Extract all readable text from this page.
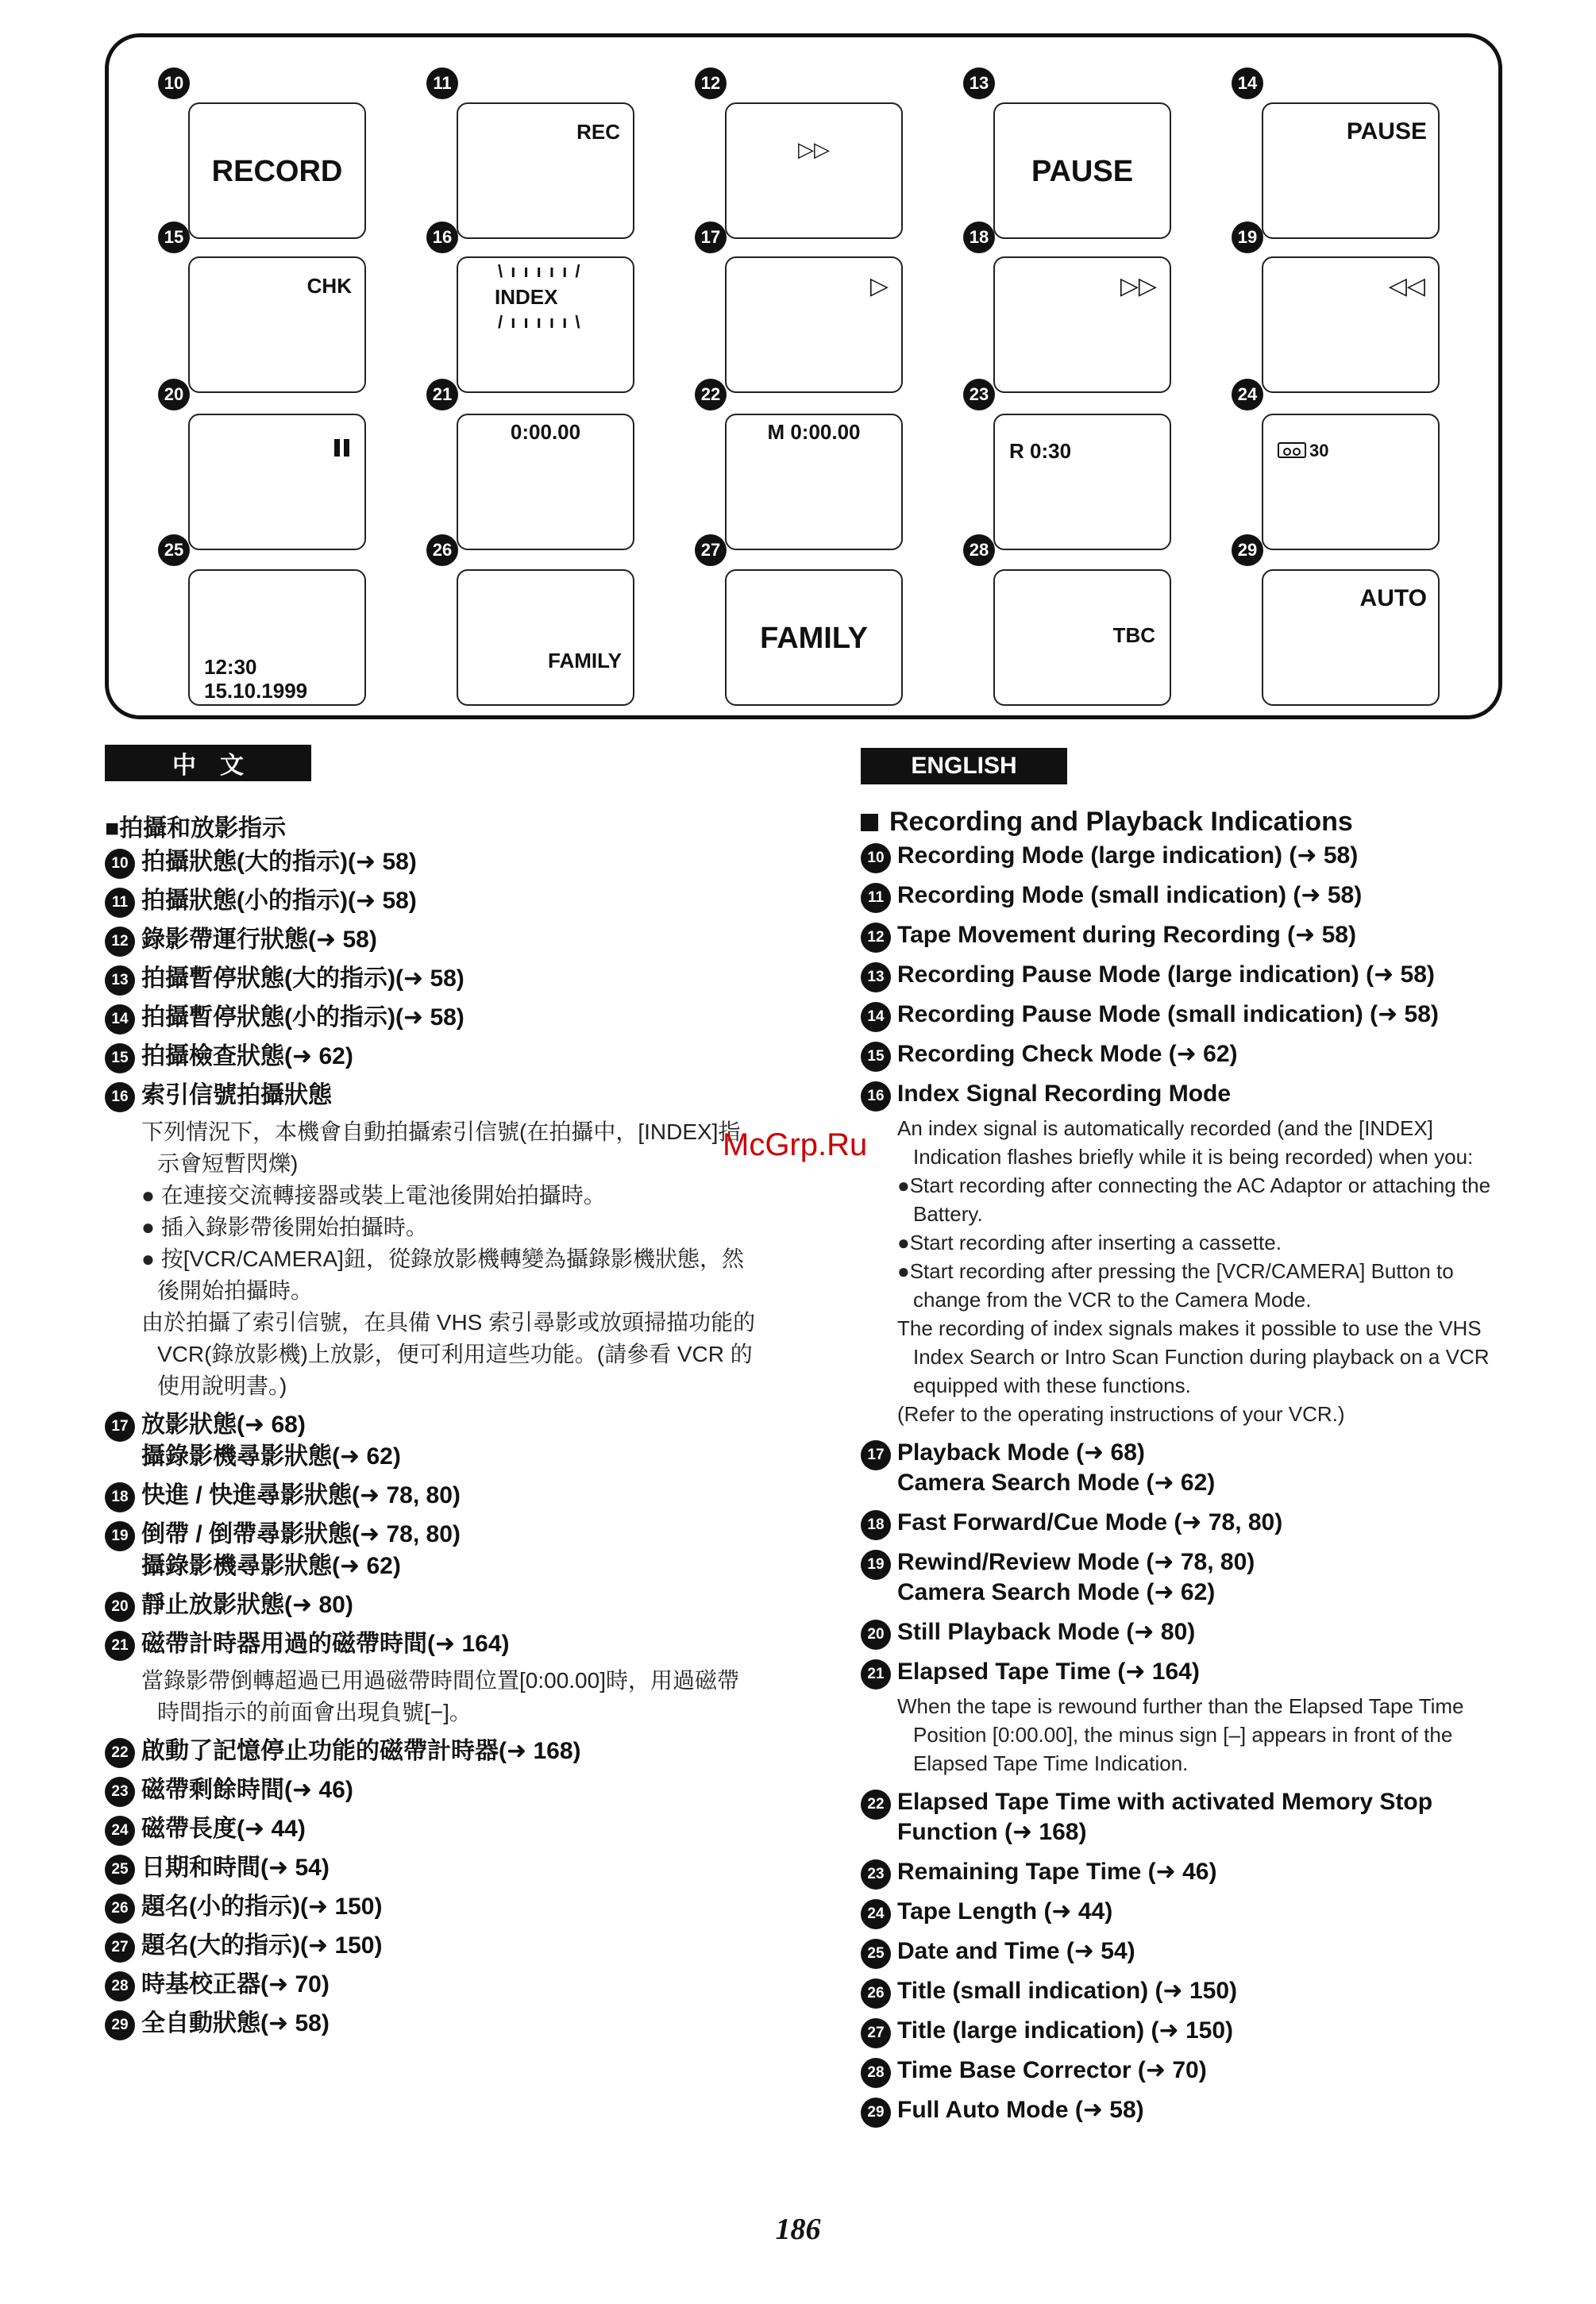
10
RECORD
11
REC
12
▷▷
13
PAUSE
14
PAUSE
15
CHK
16
\ ı ı ı ı ı /
INDEX
/ ı ı ı ı ı \
17
▷
18
▷▷
19
◁◁
20	21
0:00.00
22
M 0:00.00
23
R 0:30
24
30
25
12:30
15.10.1999
26
FAMILY
27
FAMILY
28
TBC
29
AUTO
中　文	ENGLISH
■拍攝和放影指示
10 拍攝狀態(大的指示)(➜ 58)
11 拍攝狀態(小的指示)(➜ 58)
12 錄影帶運行狀態(➜ 58)
13 拍攝暫停狀態(大的指示)(➜ 58)
14 拍攝暫停狀態(小的指示)(➜ 58)
15 拍攝檢查狀態(➜ 62)
16 索引信號拍攝狀態
下列情況下，本機會自動拍攝索引信號(在拍攝中，[INDEX]指示會短暫閃爍)
● 在連接交流轉接器或裝上電池後開始拍攝時。
● 插入錄影帶後開始拍攝時。
● 按[VCR/CAMERA]鈕，從錄放影機轉變為攝錄影機狀態，然後開始拍攝時。
由於拍攝了索引信號，在具備 VHS 索引尋影或放頭掃描功能的 VCR(錄放影機)上放影，便可利用這些功能。(請參看 VCR 的使用說明書。)
17 放影狀態(➜ 68)
攝錄影機尋影狀態(➜ 62)
18 快進 / 快進尋影狀態(➜ 78, 80)
19 倒帶 / 倒帶尋影狀態(➜ 78, 80)
攝錄影機尋影狀態(➜ 62)
20 靜止放影狀態(➜ 80)
21 磁帶計時器用過的磁帶時間(➜ 164)
當錄影帶倒轉超過已用過磁帶時間位置[0:00.00]時，用過磁帶時間指示的前面會出現負號[−]。
22 啟動了記憶停止功能的磁帶計時器(➜ 168)
23 磁帶剩餘時間(➜ 46)
24 磁帶長度(➜ 44)
25 日期和時間(➜ 54)
26 題名(小的指示)(➜ 150)
27 題名(大的指示)(➜ 150)
28 時基校正器(➜ 70)
29 全自動狀態(➜ 58)
Recording and Playback Indications
10 Recording Mode (large indication) (➜ 58)
11 Recording Mode (small indication) (➜ 58)
12 Tape Movement during Recording (➜ 58)
13 Recording Pause Mode (large indication) (➜ 58)
14 Recording Pause Mode (small indication) (➜ 58)
15 Recording Check Mode (➜ 62)
16 Index Signal Recording Mode
An index signal is automatically recorded (and the [INDEX] Indication flashes briefly while it is being recorded) when you:
●Start recording after connecting the AC Adaptor or attaching the Battery.
●Start recording after inserting a cassette.
●Start recording after pressing the [VCR/CAMERA] Button to change from the VCR to the Camera Mode.
The recording of index signals makes it possible to use the VHS Index Search or Intro Scan Function during playback on a VCR equipped with these functions.
(Refer to the operating instructions of your VCR.)
17 Playback Mode (➜ 68)
Camera Search Mode (➜ 62)
18 Fast Forward/Cue Mode (➜ 78, 80)
19 Rewind/Review Mode (➜ 78, 80)
Camera Search Mode (➜ 62)
20 Still Playback Mode (➜ 80)
21 Elapsed Tape Time (➜ 164)
When the tape is rewound further than the Elapsed Tape Time Position [0:00.00], the minus sign [–] appears in front of the Elapsed Tape Time Indication.
22 Elapsed Tape Time with activated Memory Stop Function (➜ 168)
23 Remaining Tape Time (➜ 46)
24 Tape Length (➜ 44)
25 Date and Time (➜ 54)
26 Title (small indication) (➜ 150)
27 Title (large indication) (➜ 150)
28 Time Base Corrector (➜ 70)
29 Full Auto Mode (➜ 58)
McGrp.Ru
186
